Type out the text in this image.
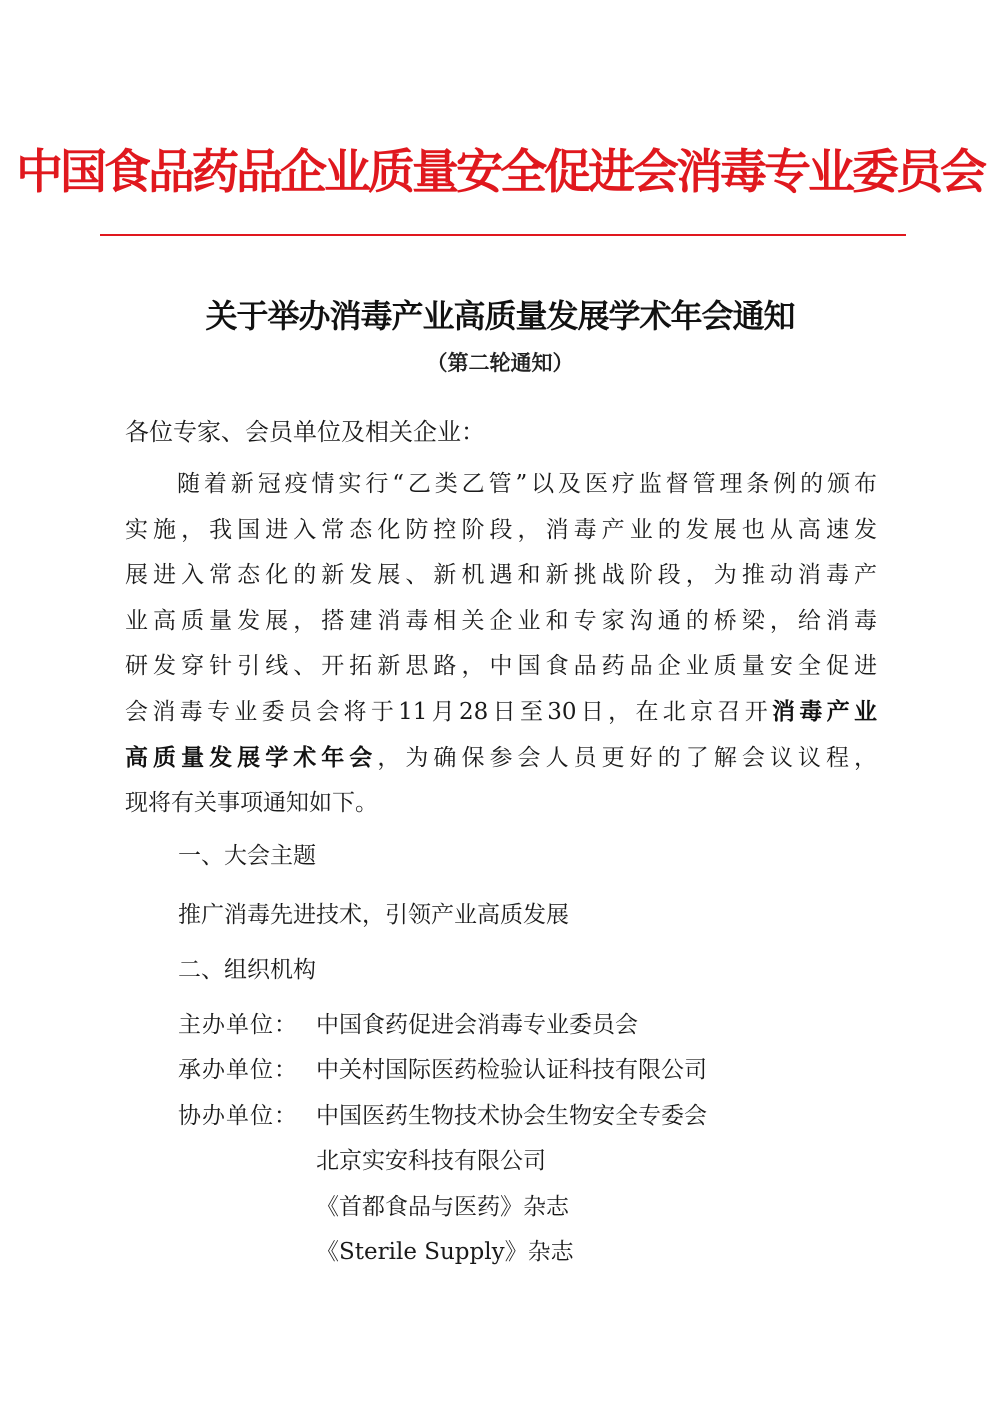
中国食品药品企业质量安全促进会消毒专业委员会
关于举办消毒产业高质量发展学术年会通知
（第二轮通知）
各位专家、会员单位及相关企业：
随着新冠疫情实行“乙类乙管”以及医疗监督管理条例的颁布
实施，我国进入常态化防控阶段，消毒产业的发展也从高速发
展进入常态化的新发展、新机遇和新挑战阶段，为推动消毒产
业高质量发展，搭建消毒相关企业和专家沟通的桥梁，给消毒
研发穿针引线、开拓新思路，中国食品药品企业质量安全促进
会消毒专业委员会将于11月28日至30日，在北京召开消毒产业
高质量发展学术年会，为确保参会人员更好的了解会议议程，
现将有关事项通知如下。
一、大会主题
推广消毒先进技术，引领产业高质发展
二、组织机构
主办单位： 中国食药促进会消毒专业委员会
承办单位： 中关村国际医药检验认证科技有限公司
协办单位： 中国医药生物技术协会生物安全专委会
北京实安科技有限公司
《首都食品与医药》杂志
《Sterile Supply》杂志
